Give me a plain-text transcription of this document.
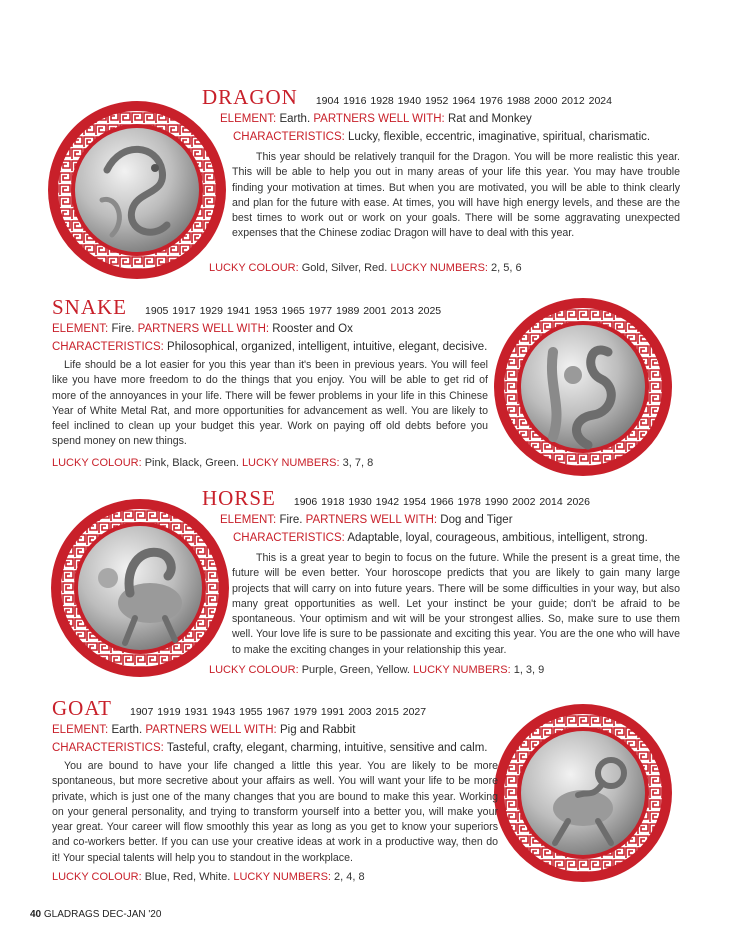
DRAGON 1904 1916 1928 1940 1952 1964 1976 1988 2000 2012 2024
ELEMENT: Earth. PARTNERS WELL WITH: Rat and Monkey
CHARACTERISTICS: Lucky, flexible, eccentric, imaginative, spiritual, charismatic.
This year should be relatively tranquil for the Dragon. You will be more realistic this year. This will be able to help you out in many areas of your life this year. You may have trouble finding your motivation at times. But when you are motivated, you will be able to think clearly and plan for the future with ease. At times, you will have high energy levels, and these are the best times to work out or work on your goals. There will be some aggravating unexpected expenses that the Chinese zodiac Dragon will have to deal with this year.
LUCKY COLOUR: Gold, Silver, Red. LUCKY NUMBERS: 2, 5, 6
SNAKE 1905 1917 1929 1941 1953 1965 1977 1989 2001 2013 2025
ELEMENT: Fire. PARTNERS WELL WITH: Rooster and Ox
CHARACTERISTICS: Philosophical, organized, intelligent, intuitive, elegant, decisive.
Life should be a lot easier for you this year than it's been in previous years. You will feel like you have more freedom to do the things that you enjoy. You will be able to get rid of more of the annoyances in your life. There will be fewer problems in your life in this Chinese Year of White Metal Rat, and more opportunities for advancement as well. You are likely to feel inclined to clean up your budget this year. Work on paying off old debts before you spend money on new things.
LUCKY COLOUR: Pink, Black, Green. LUCKY NUMBERS: 3, 7, 8
HORSE 1906 1918 1930 1942 1954 1966 1978 1990 2002 2014 2026
ELEMENT: Fire. PARTNERS WELL WITH: Dog and Tiger
CHARACTERISTICS: Adaptable, loyal, courageous, ambitious, intelligent, strong.
This is a great year to begin to focus on the future. While the present is a great time, the future will be even better. Your horoscope predicts that you are likely to gain many large projects that will carry on into future years. There will be some difficulties in your way, but also many great opportunities as well. Let your instinct be your guide; don't be afraid to be spontaneous. Your optimism and wit will be your strongest allies. So, make sure to use them well. Your love life is sure to be passionate and exciting this year. You are the one who will have to make the exciting changes in your relationship this year.
LUCKY COLOUR: Purple, Green, Yellow. LUCKY NUMBERS: 1, 3, 9
GOAT 1907 1919 1931 1943 1955 1967 1979 1991 2003 2015 2027
ELEMENT: Earth. PARTNERS WELL WITH: Pig and Rabbit
CHARACTERISTICS: Tasteful, crafty, elegant, charming, intuitive, sensitive and calm.
You are bound to have your life changed a little this year. You are likely to be more spontaneous, but more secretive about your affairs as well. You will want your life to be more private, which is just one of the many changes that you are bound to make this year. Working on your general personality, and trying to transform yourself into a better you, will make your year great. Your career will flow smoothly this year as long as you get to know your superiors and co-workers better. If you can use your creative ideas at work in a productive way, then do it! Your special talents will help you to standout in the workplace.
LUCKY COLOUR: Blue, Red, White. LUCKY NUMBERS: 2, 4, 8
40 GLADRAGS DEC-JAN '20
